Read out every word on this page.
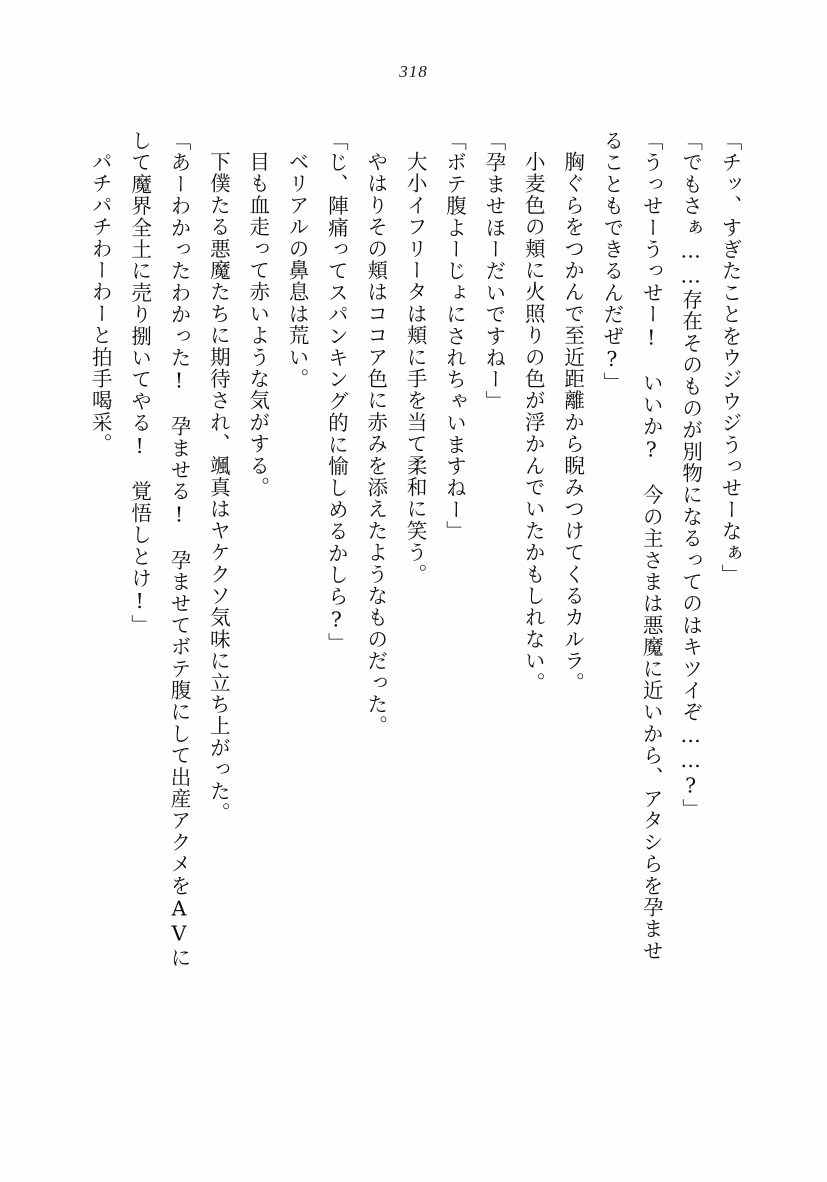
318
「チッ、すぎたことをウジウジうっせーなぁ」
「でもさぁ……存在そのものが別物になるってのはキツイぞ……?」
「うっせーうっせー!　いいか?　今の主さまは悪魔に近いから、アタシらを孕ませ
ることもできるんだぜ?」
胸ぐらをつかんで至近距離から睨みつけてくるカルラ。
小麦色の頬に火照りの色が浮かんでいたかもしれない。
「孕ませほーだいですねー」
「ボテ腹よーじょにされちゃいますねー」
大小イフリータは頬に手を当て柔和に笑う。
やはりその頬はココア色に赤みを添えたようなものだった。
「じ、陣痛ってスパンキング的に愉しめるかしら?」
ベリアルの鼻息は荒い。
目も血走って赤いような気がする。
下僕たる悪魔たちに期待され、颯真はヤケクソ気味に立ち上がった。
「あーわかったわかった!　孕ませる!　孕ませてボテ腹にして出産アクメをAVに
して魔界全土に売り捌いてやる!　覚悟しとけ!」
パチパチわーわーと拍手喝采。
